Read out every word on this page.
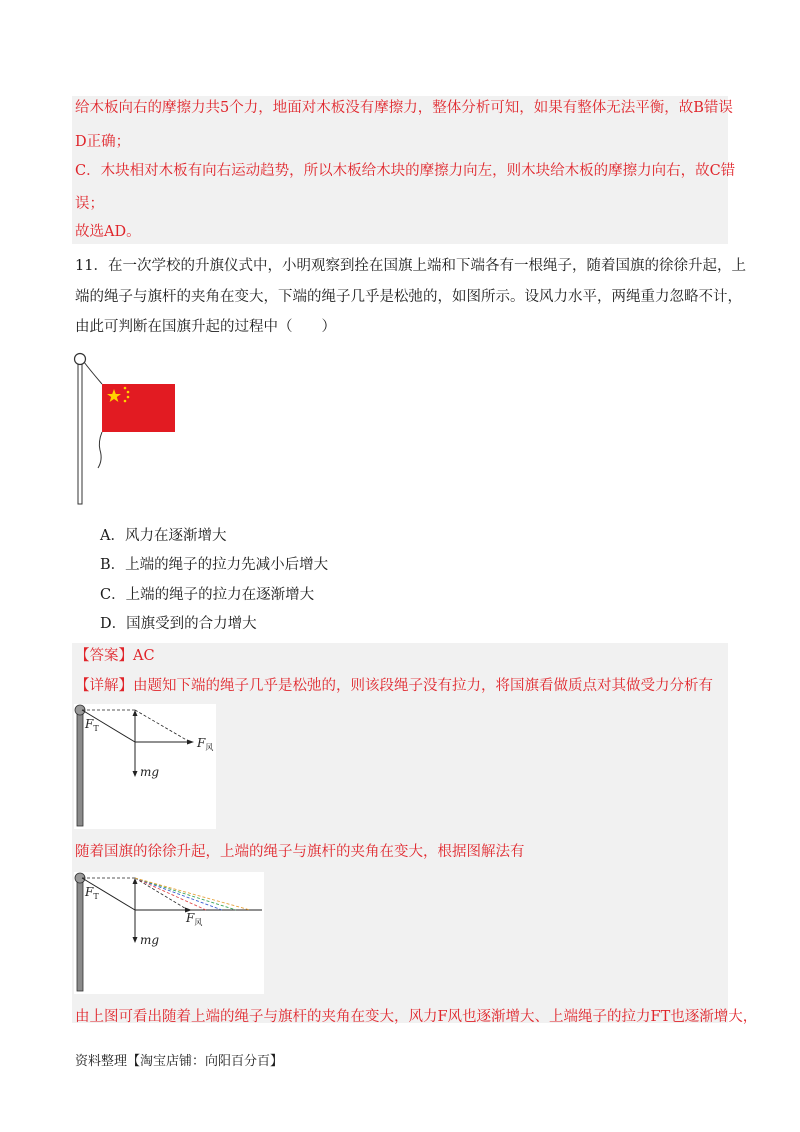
给木板向右的摩擦力共5个力，地面对木板没有摩擦力，整体分析可知，如果有整体无法平衡，故B错误
D正确；
C．木块相对木板有向右运动趋势，所以木板给木块的摩擦力向左，则木块给木板的摩擦力向右，故C错
误；
故选AD。
11．在一次学校的升旗仪式中，小明观察到拴在国旗上端和下端各有一根绳子，随着国旗的徐徐升起，上
端的绳子与旗杆的夹角在变大，下端的绳子几乎是松弛的，如图所示。设风力水平，两绳重力忽略不计，
由此可判断在国旗升起的过程中（　　）
A．风力在逐渐增大
B．上端的绳子的拉力先减小后增大
C．上端的绳子的拉力在逐渐增大
D．国旗受到的合力增大
【答案】AC
【详解】由题知下端的绳子几乎是松弛的，则该段绳子没有拉力，将国旗看做质点对其做受力分析有
$F_T$
$F_风$
mg
随着国旗的徐徐升起，上端的绳子与旗杆的夹角在变大，根据图解法有
$F_T$
$F_风$
mg
由上图可看出随着上端的绳子与旗杆的夹角在变大，风力F风也逐渐增大、上端绳子的拉力FT也逐渐增大，
资料整理【淘宝店铺：向阳百分百】
